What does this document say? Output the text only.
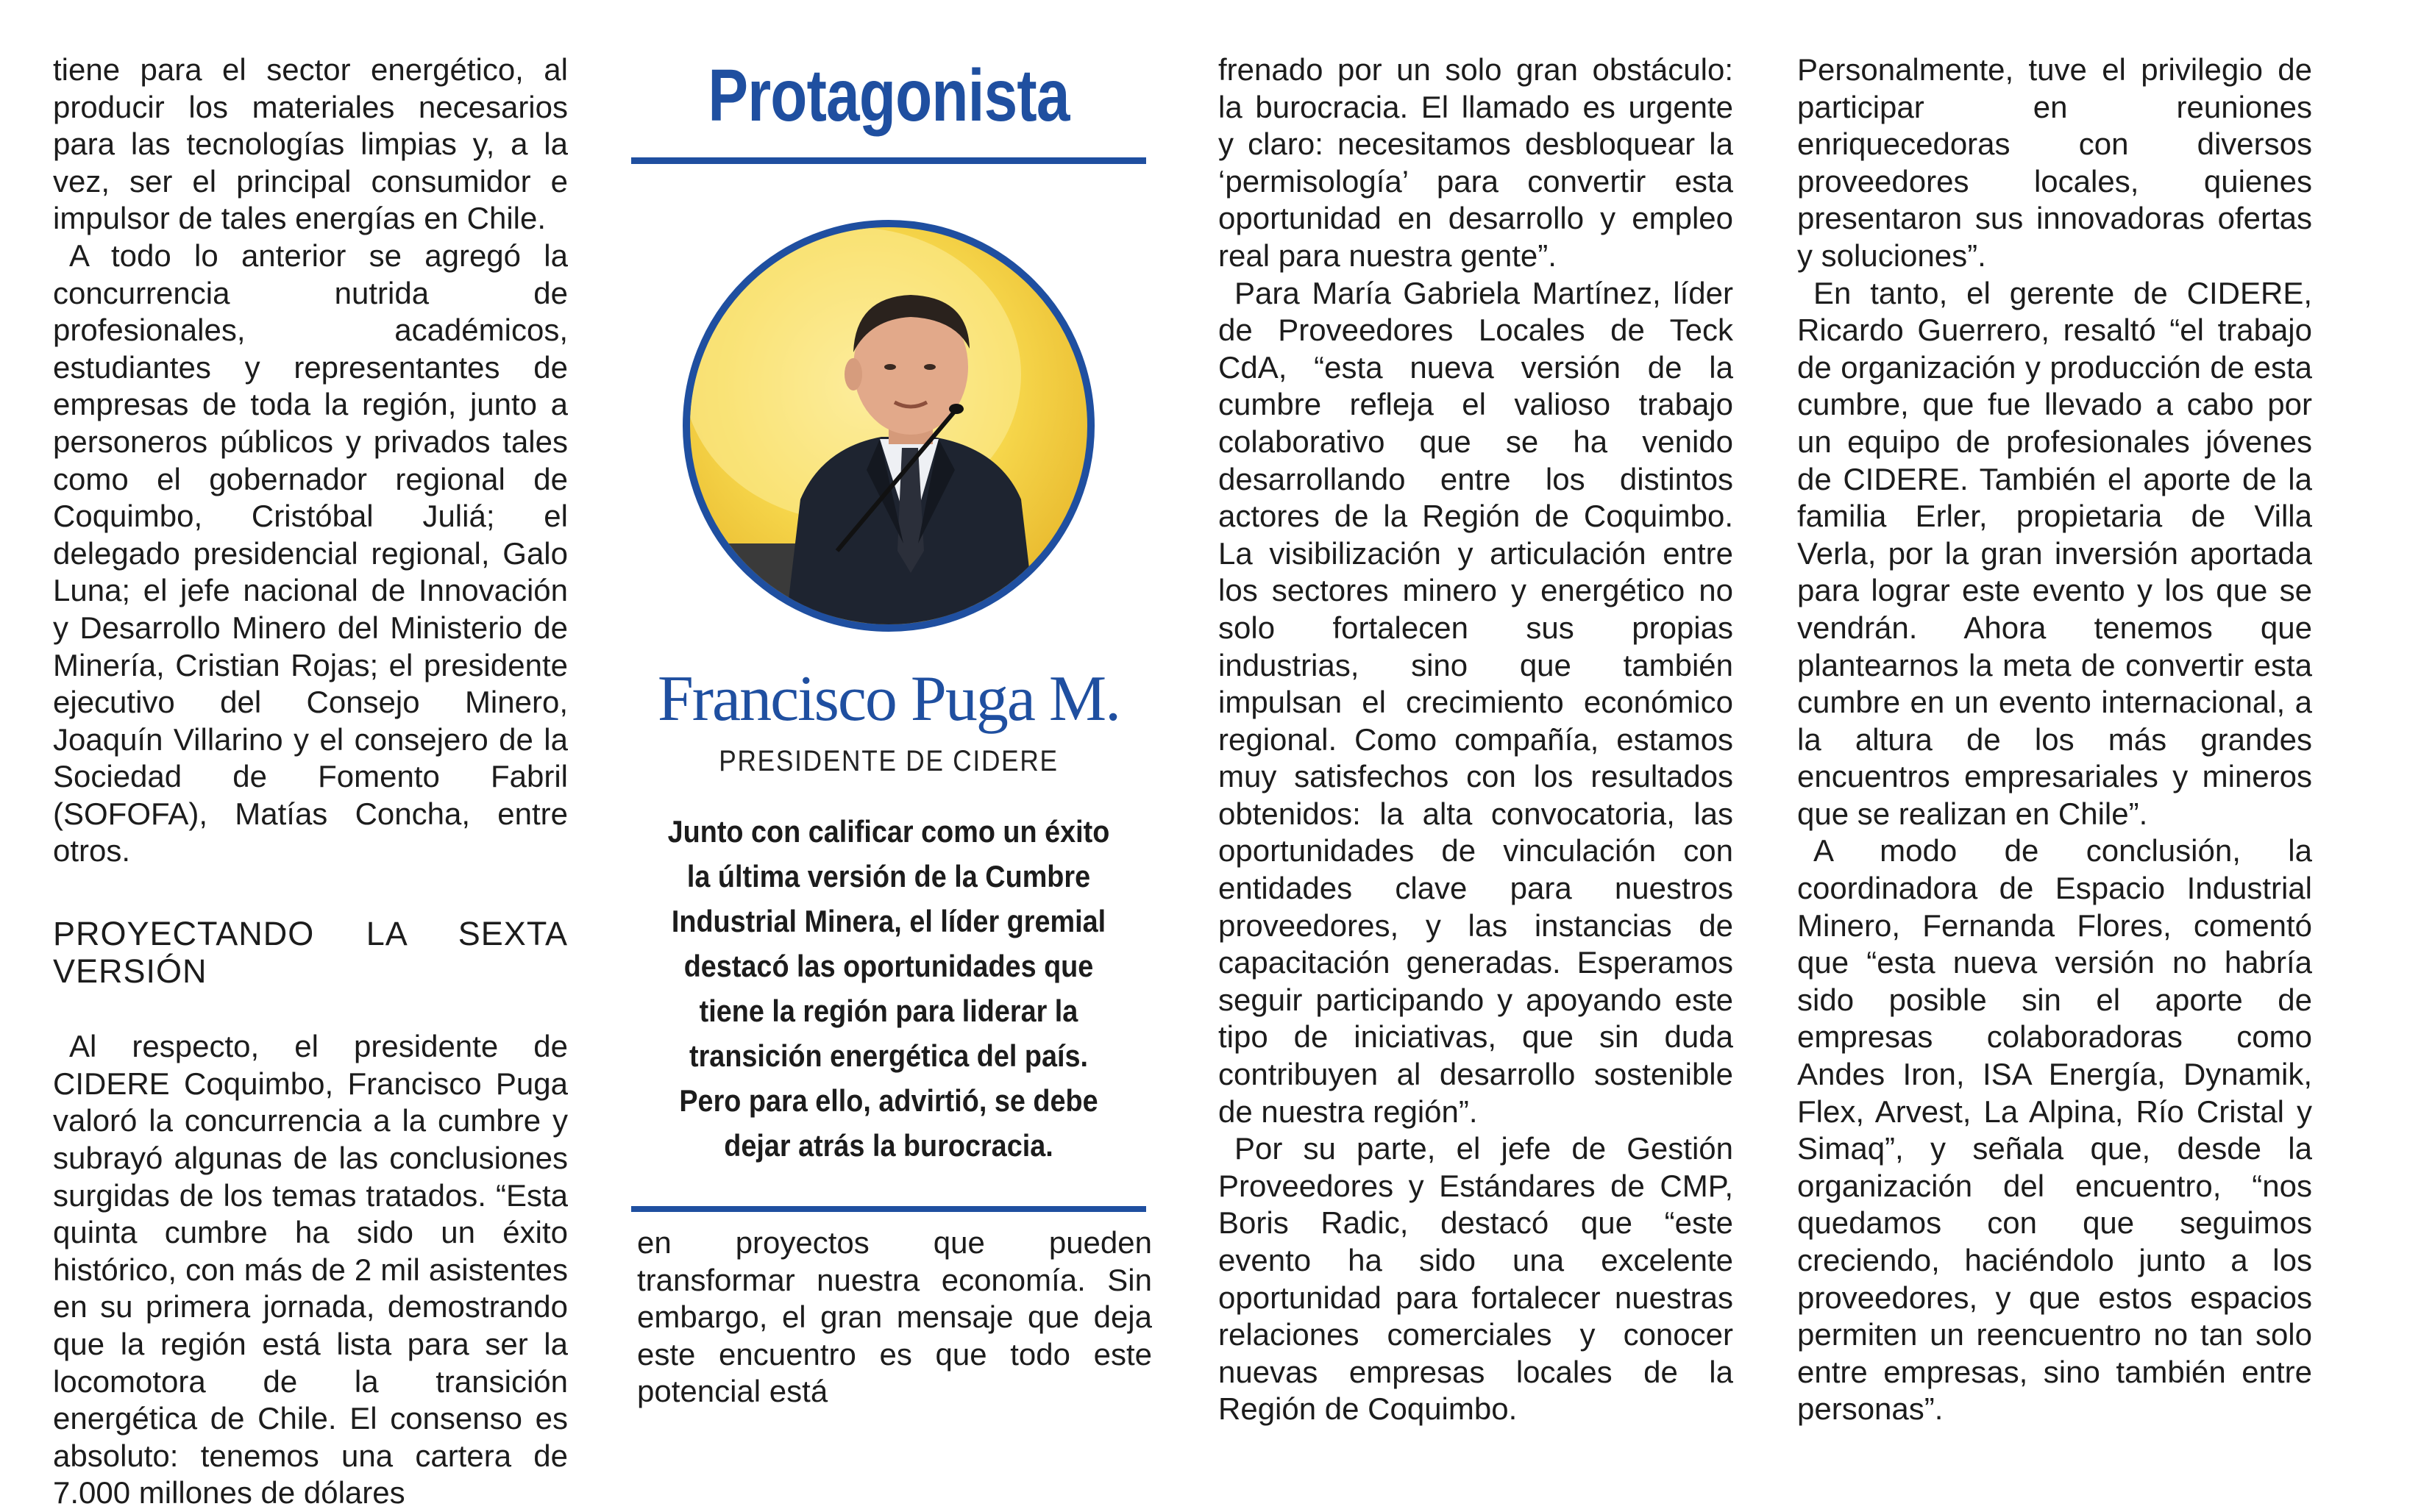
tiene para el sector energético, al producir los materiales necesarios para las tecnologías limpias y, a la vez, ser el principal consumidor e impulsor de tales energías en Chile.

A todo lo anterior se agregó la concurrencia nutrida de profesionales, académicos, estudiantes y representantes de empresas de toda la región, junto a personeros públicos y privados tales como el gobernador regional de Coquimbo, Cristóbal Juliá; el delegado presidencial regional, Galo Luna; el jefe nacional de Innovación y Desarrollo Minero del Ministerio de Minería, Cristian Rojas; el presidente ejecutivo del Consejo Minero, Joaquín Villarino y el consejero de la Sociedad de Fomento Fabril (SOFOFA), Matías Concha, entre otros.

PROYECTANDO LA SEXTA VERSIÓN

Al respecto, el presidente de CIDERE Coquimbo, Francisco Puga valoró la concurrencia a la cumbre y subrayó algunas de las conclusiones surgidas de los temas tratados. “Esta quinta cumbre ha sido un éxito histórico, con más de 2 mil asistentes en su primera jornada, demostrando que la región está lista para ser la locomotora de la transición energética de Chile. El consenso es absoluto: tenemos una cartera de 7.000 millones de dólares

Protagonista
Francisco Puga M.
PRESIDENTE DE CIDERE
Junto con calificar como un éxito la última versión de la Cumbre Industrial Minera, el líder gremial destacó las oportunidades que tiene la región para liderar la transición energética del país. Pero para ello, advirtió, se debe dejar atrás la burocracia.

en proyectos que pueden transformar nuestra economía. Sin embargo, el gran mensaje que deja este encuentro es que todo este potencial está

frenado por un solo gran obstáculo: la burocracia. El llamado es urgente y claro: necesitamos desbloquear la ‘permisología’ para convertir esta oportunidad en desarrollo y empleo real para nuestra gente”.

Para María Gabriela Martínez, líder de Proveedores Locales de Teck CdA, “esta nueva versión de la cumbre refleja el valioso trabajo colaborativo que se ha venido desarrollando entre los distintos actores de la Región de Coquimbo. La visibilización y articulación entre los sectores minero y energético no solo fortalecen sus propias industrias, sino que también impulsan el crecimiento económico regional. Como compañía, estamos muy satisfechos con los resultados obtenidos: la alta convocatoria, las oportunidades de vinculación con entidades clave para nuestros proveedores, y las instancias de capacitación generadas. Esperamos seguir participando y apoyando este tipo de iniciativas, que sin duda contribuyen al desarrollo sostenible de nuestra región”.

Por su parte, el jefe de Gestión Proveedores y Estándares de CMP, Boris Radic, destacó que “este evento ha sido una excelente oportunidad para fortalecer nuestras relaciones comerciales y conocer nuevas empresas locales de la Región de Coquimbo.

Personalmente, tuve el privilegio de participar en reuniones enriquecedoras con diversos proveedores locales, quienes presentaron sus innovadoras ofertas y soluciones”.

En tanto, el gerente de CIDERE, Ricardo Guerrero, resaltó “el trabajo de organización y producción de esta cumbre, que fue llevado a cabo por un equipo de profesionales jóvenes de CIDERE. También el aporte de la familia Erler, propietaria de Villa Verla, por la gran inversión aportada para lograr este evento y los que se vendrán. Ahora tenemos que plantearnos la meta de convertir esta cumbre en un evento internacional, a la altura de los más grandes encuentros empresariales y mineros que se realizan en Chile”.

A modo de conclusión, la coordinadora de Espacio Industrial Minero, Fernanda Flores, comentó que “esta nueva versión no habría sido posible sin el aporte de empresas colaboradoras como Andes Iron, ISA Energía, Dynamik, Flex, Arvest, La Alpina, Río Cristal y Simaq”, y señala que, desde la organización del encuentro, “nos quedamos con que seguimos creciendo, haciéndolo junto a los proveedores, y que estos espacios permiten un reencuentro no tan solo entre empresas, sino también entre personas”.
